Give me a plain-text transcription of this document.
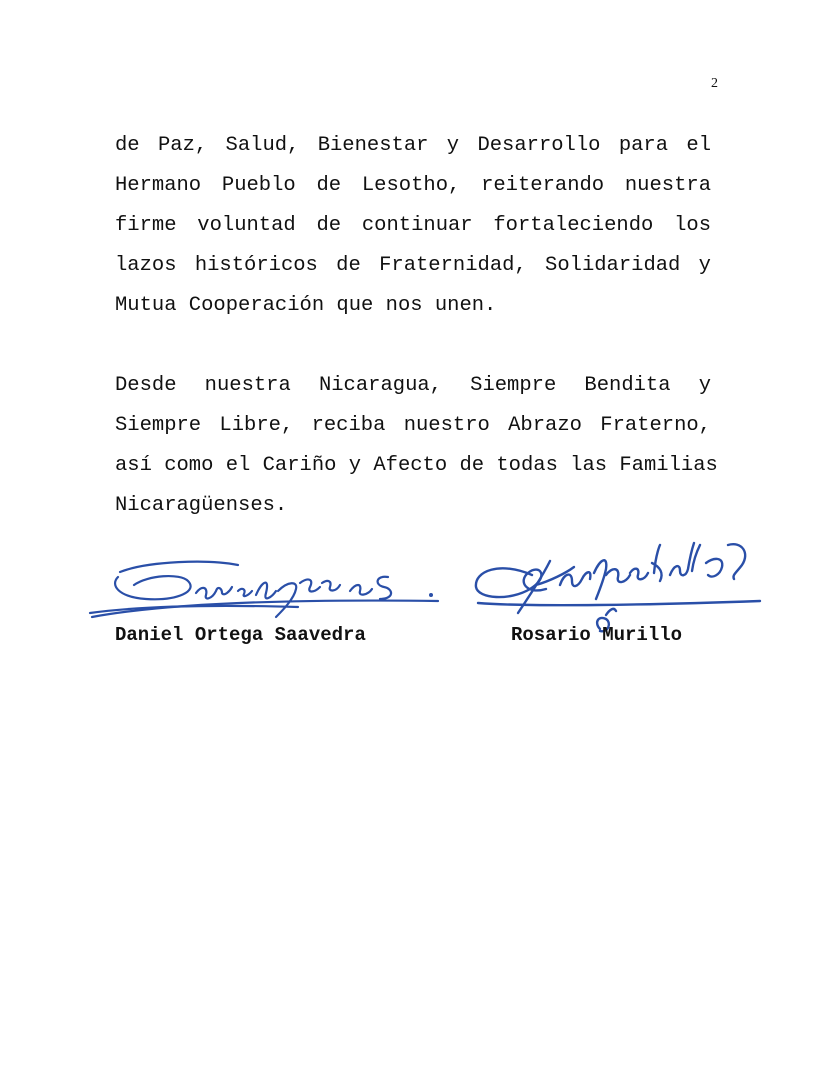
2
de Paz, Salud, Bienestar y Desarrollo para el
Hermano Pueblo de Lesotho, reiterando nuestra
firme voluntad de continuar fortaleciendo los
lazos históricos de Fraternidad, Solidaridad y
Mutua Cooperación que nos unen.
Desde nuestra Nicaragua, Siempre Bendita y
Siempre Libre, reciba nuestro Abrazo Fraterno,
así como el Cariño y Afecto de todas las Familias
Nicaragüenses.
Daniel Ortega Saavedra	Rosario Murillo
